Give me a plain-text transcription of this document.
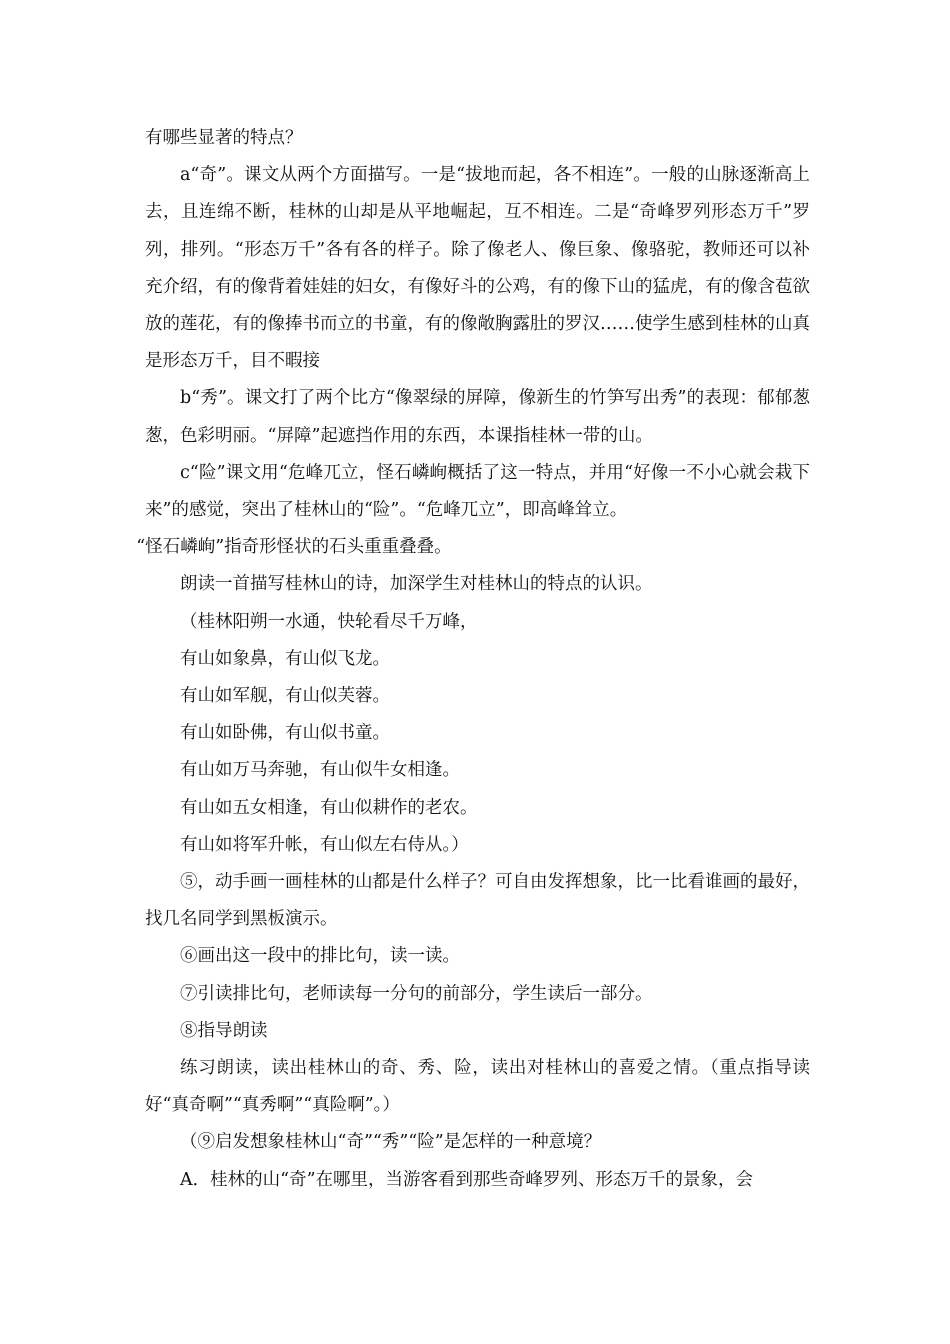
有哪些显著的特点？

a“奇”。课文从两个方面描写。一是“拔地而起，各不相连”。一般的山脉逐渐高上去，且连绵不断，桂林的山却是从平地崛起，互不相连。二是“奇峰罗列形态万千”罗列，排列。“形态万千”各有各的样子。除了像老人、像巨象、像骆驼，教师还可以补充介绍，有的像背着娃娃的妇女，有像好斗的公鸡，有的像下山的猛虎，有的像含苞欲放的莲花，有的像捧书而立的书童，有的像敞胸露肚的罗汉……使学生感到桂林的山真是形态万千，目不暇接

b“秀”。课文打了两个比方“像翠绿的屏障，像新生的竹笋写出秀”的表现：郁郁葱葱，色彩明丽。“屏障”起遮挡作用的东西，本课指桂林一带的山。

c“险”课文用“危峰兀立，怪石嶙峋概括了这一特点，并用“好像一不小心就会栽下来”的感觉，突出了桂林山的“险”。“危峰兀立”，即高峰耸立。

“怪石嶙峋”指奇形怪状的石头重重叠叠。

朗读一首描写桂林山的诗，加深学生对桂林山的特点的认识。

（桂林阳朔一水通，快轮看尽千万峰，

有山如象鼻，有山似飞龙。

有山如军舰，有山似芙蓉。

有山如卧佛，有山似书童。

有山如万马奔驰，有山似牛女相逢。

有山如五女相逢，有山似耕作的老农。

有山如将军升帐，有山似左右侍从。）

⑤，动手画一画桂林的山都是什么样子？可自由发挥想象，比一比看谁画的最好，找几名同学到黑板演示。

⑥画出这一段中的排比句，读一读。

⑦引读排比句，老师读每一分句的前部分，学生读后一部分。

⑧指导朗读

练习朗读，读出桂林山的奇、秀、险，读出对桂林山的喜爱之情。（重点指导读好“真奇啊”“真秀啊”“真险啊”。）

（⑨启发想象桂林山“奇”“秀”“险”是怎样的一种意境？

A．桂林的山“奇”在哪里，当游客看到那些奇峰罗列、形态万千的景象，会
